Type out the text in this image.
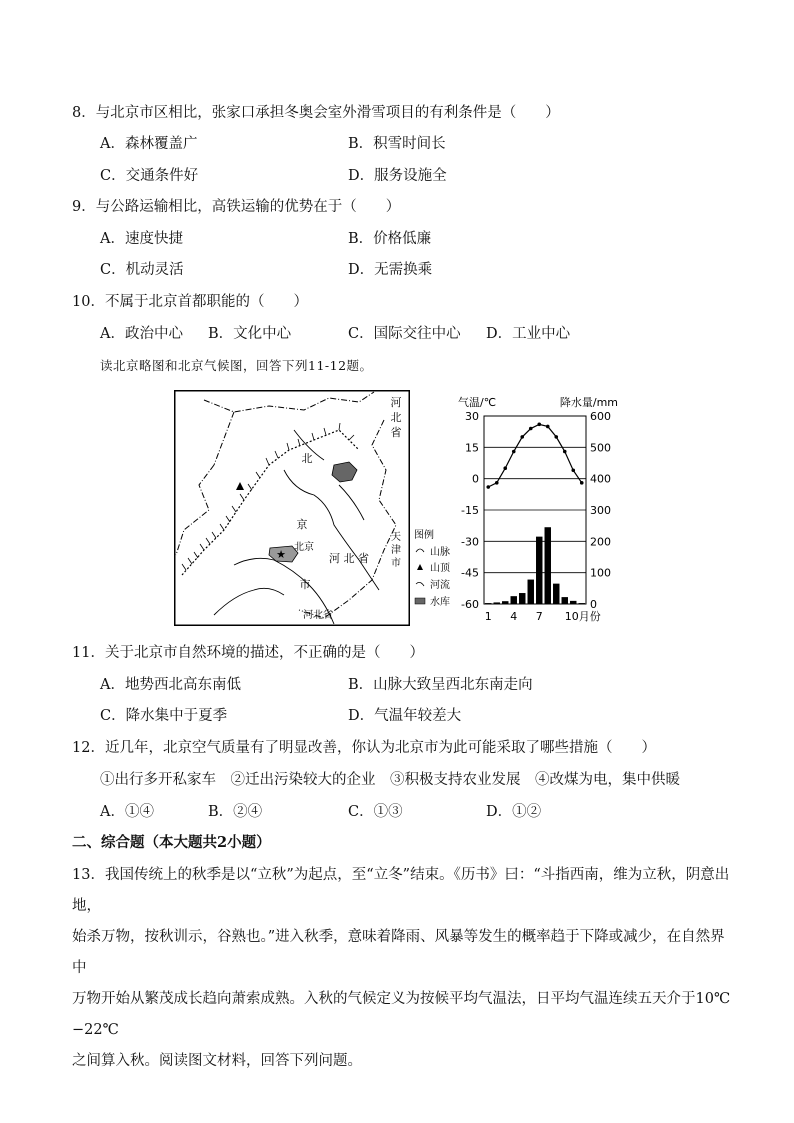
8．与北京市区相比，张家口承担冬奥会室外滑雪项目的有利条件是（　　）
A．森林覆盖广	B．积雪时间长
C．交通条件好	D．服务设施全
9．与公路运输相比，高铁运输的优势在于（　　）
A．速度快捷	B．价格低廉
C．机动灵活	D．无需换乘
10．不属于北京首都职能的（　　）
A．政治中心 B．文化中心	C．国际交往中心 D．工业中心
读北京略图和北京气候图，回答下列11-12题。
★
河
北
省
北
京
北京
市
河 北 省
天
津
市
河北省
图例
山脉
山顶
河流
水库
气温/℃	降水量/mm
30	600
15	500
0	400
-15	300
-30	200
-45	100
-60	0
1 4 7 10月份
11．关于北京市自然环境的描述，不正确的是（　　）
A．地势西北高东南低	B．山脉大致呈西北东南走向
C．降水集中于夏季	D．气温年较差大
12．近几年，北京空气质量有了明显改善，你认为北京市为此可能采取了哪些措施（　　）
①出行多开私家车　②迁出污染较大的企业　③积极支持农业发展　④改煤为电，集中供暖
A．①④	B．②④	C．①③	D．①②
二、综合题（本大题共2小题）
13．我国传统上的秋季是以“立秋”为起点，至“立冬”结束。《历书》曰：“斗指西南，维为立秋，阴意出地，
始杀万物，按秋训示，谷熟也。”进入秋季，意味着降雨、风暴等发生的概率趋于下降或减少，在自然界中
万物开始从繁茂成长趋向萧索成熟。入秋的气候定义为按候平均气温法，日平均气温连续五天介于10℃−22℃
之间算入秋。阅读图文材料，回答下列问题。
